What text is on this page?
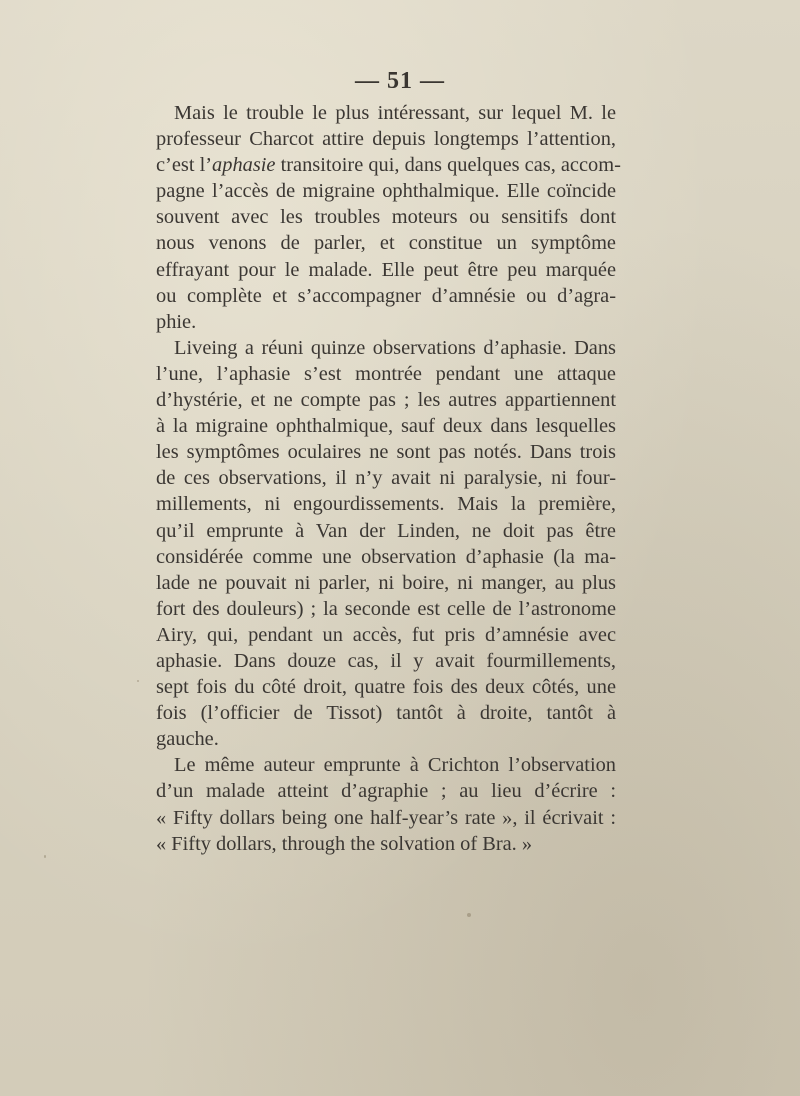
— 51 —

Mais le trouble le plus intéressant, sur lequel M. le
professeur Charcot attire depuis longtemps l’attention,
c’est l’aphasie transitoire qui, dans quelques cas, accom-
pagne l’accès de migraine ophthalmique. Elle coïncide
souvent avec les troubles moteurs ou sensitifs dont
nous venons de parler, et constitue un symptôme
effrayant pour le malade. Elle peut être peu marquée
ou complète et s’accompagner d’amnésie ou d’agra-
phie.

Liveing a réuni quinze observations d’aphasie. Dans
l’une, l’aphasie s’est montrée pendant une attaque
d’hystérie, et ne compte pas ; les autres appartiennent
à la migraine ophthalmique, sauf deux dans lesquelles
les symptômes oculaires ne sont pas notés. Dans trois
de ces observations, il n’y avait ni paralysie, ni four-
millements, ni engourdissements. Mais la première,
qu’il emprunte à Van der Linden, ne doit pas être
considérée comme une observation d’aphasie (la ma-
lade ne pouvait ni parler, ni boire, ni manger, au plus
fort des douleurs) ; la seconde est celle de l’astronome
Airy, qui, pendant un accès, fut pris d’amnésie avec
aphasie. Dans douze cas, il y avait fourmillements,
sept fois du côté droit, quatre fois des deux côtés, une
fois (l’officier de Tissot) tantôt à droite, tantôt à
gauche.

Le même auteur emprunte à Crichton l’observation
d’un malade atteint d’agraphie ; au lieu d’écrire :
« Fifty dollars being one half-year’s rate », il écrivait :
« Fifty dollars, through the solvation of Bra. »
